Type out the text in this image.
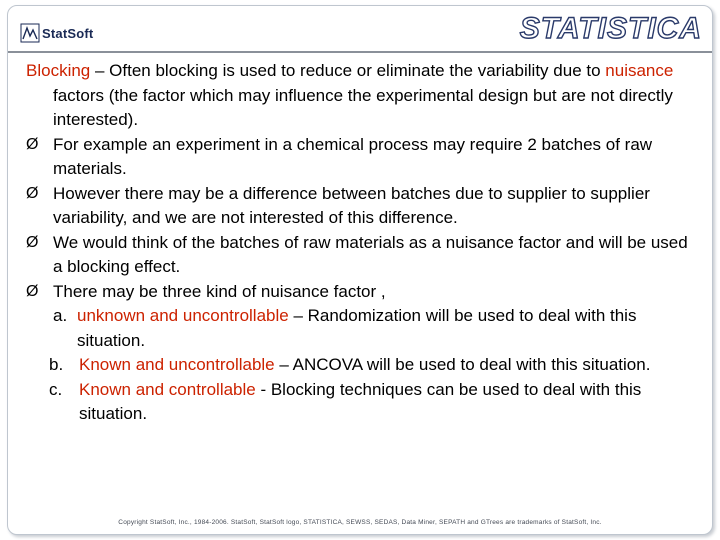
StatSoft	STATISTICA

Blocking – Often blocking is used to reduce or eliminate the variability due to nuisance factors (the factor which may influence the experimental design but are not directly interested).

Ø For example an experiment in a chemical process may require 2 batches of raw materials.
Ø However there may be a difference between batches due to supplier to supplier variability, and we are not interested of this difference.
Ø We would think of the batches of raw materials as a nuisance factor and will be used a blocking effect.
Ø There may be three kind of nuisance factor ,
a. unknown and uncontrollable – Randomization will be used to deal with this situation.
b. Known and uncontrollable – ANCOVA will be used to deal with this situation.
c. Known and controllable - Blocking techniques can be used to deal with this situation.
Copyright StatSoft, Inc., 1984-2006. StatSoft, StatSoft logo, STATISTICA, SEWSS, SEDAS, Data Miner, SEPATH and GTrees are trademarks of StatSoft, Inc.
